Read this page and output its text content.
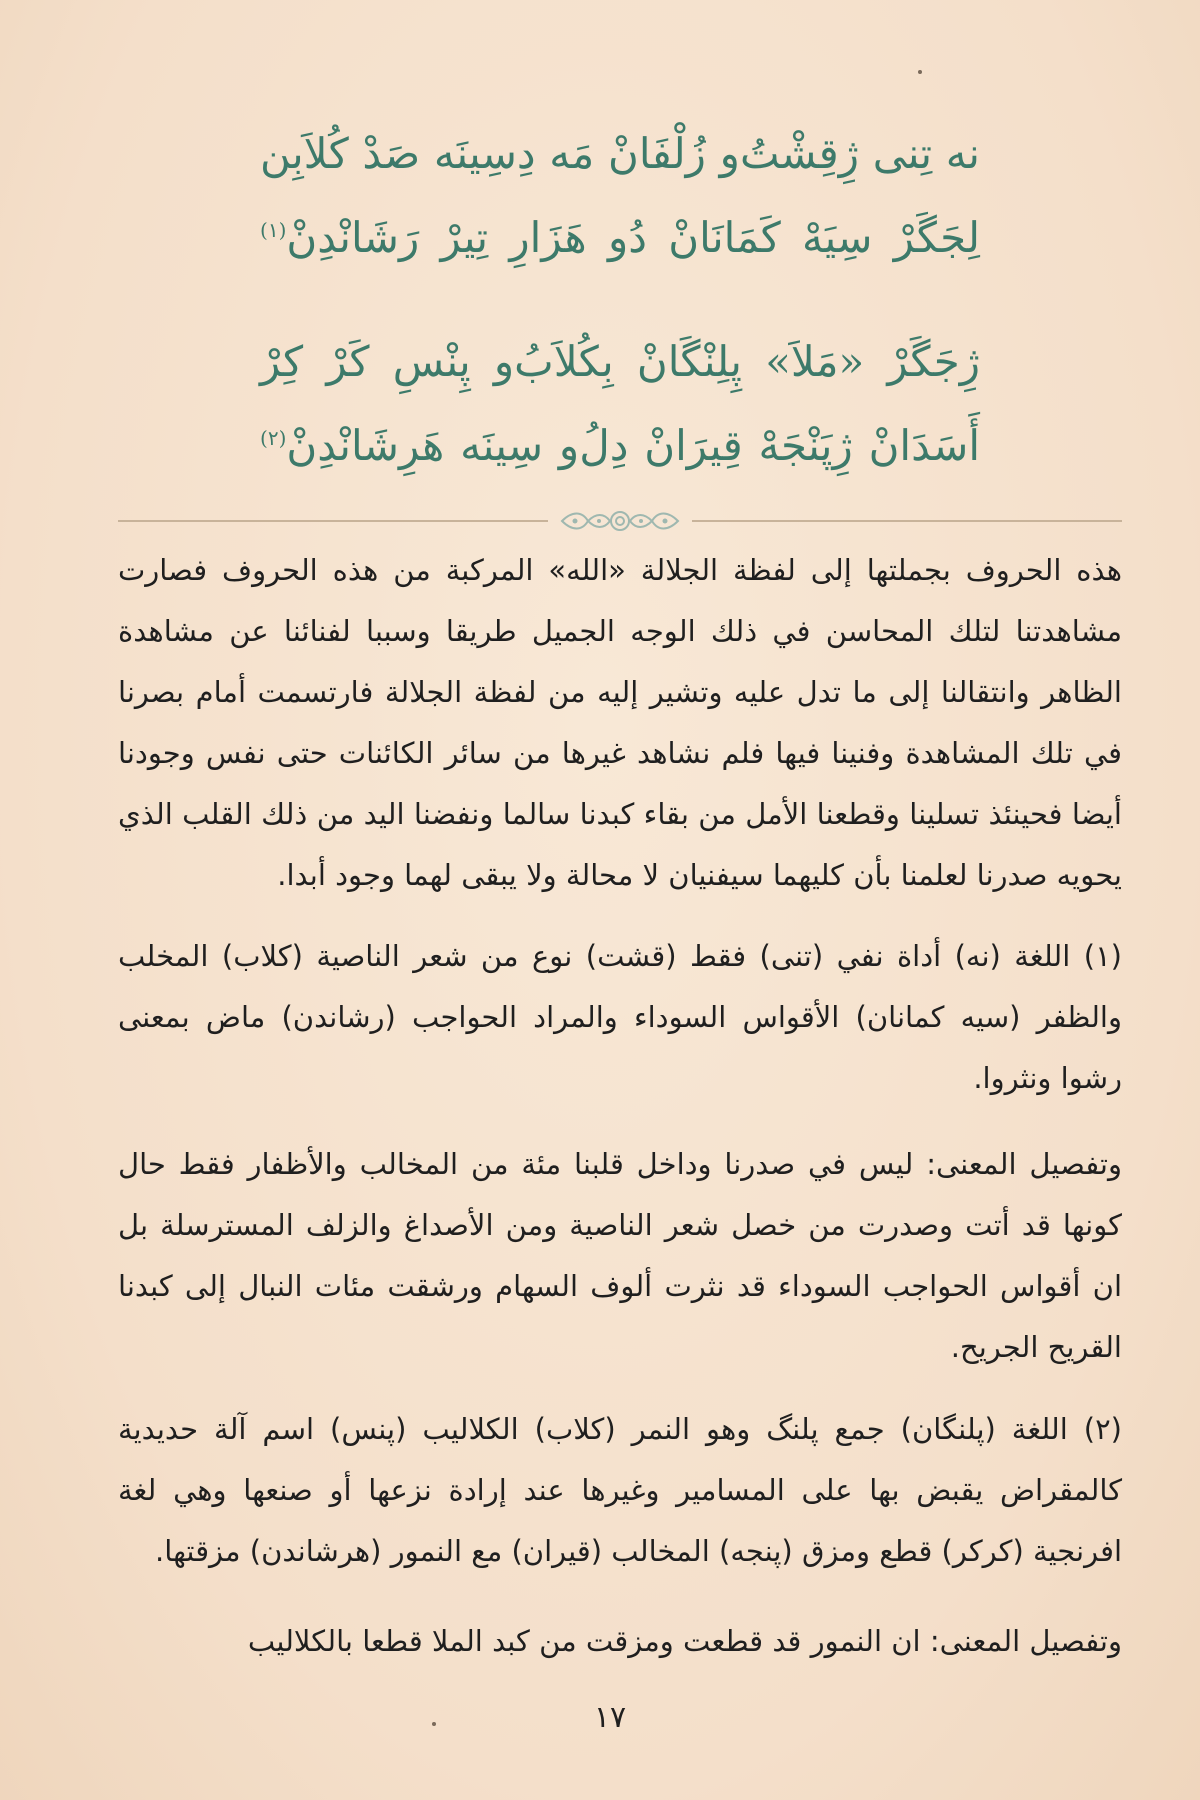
نه تِنى ژِقِشْتُ‌و زُلْفَانْ مَه دِسِينَه صَدْ كُلاَبِن
لِجَگَرْ سِيَهْ كَمَانَانْ دُو هَزَارِ تِيرْ رَشَانْدِنْ$^{(١)}$
ژِجَگَرْ «مَلاَ» پِلِنْگَانْ بِكُلاَبُ‌و پِنْسِ كَرْ كِرْ
أَسَدَانْ ژِپَنْجَهْ قِيرَانْ دِلُ‌و سِينَه هَرِشَانْدِنْ$^{(٢)}$

هذه الحروف بجملتها إلى لفظة الجلالة «الله» المركبة من هذه الحروف فصارت مشاهدتنا لتلك المحاسن في ذلك الوجه الجميل طريقا وسببا لفنائنا عن مشاهدة الظاهر وانتقالنا إلى ما تدل عليه وتشير إليه من لفظة الجلالة فارتسمت أمام بصرنا في تلك المشاهدة وفنينا فيها فلم نشاهد غيرها من سائر الكائنات حتى نفس وجودنا أيضا فحينئذ تسلينا وقطعنا الأمل من بقاء كبدنا سالما ونفضنا اليد من ذلك القلب الذي يحويه صدرنا لعلمنا بأن كليهما سيفنيان لا محالة ولا يبقى لهما وجود أبدا.

(١) اللغة (نه) أداة نفي (تنى) فقط (قشت) نوع من شعر الناصية (كلاب) المخلب والظفر (سيه كمانان) الأقواس السوداء والمراد الحواجب (رشاندن) ماض بمعنى رشوا ونثروا.

وتفصيل المعنى: ليس في صدرنا وداخل قلبنا مئة من المخالب والأظفار فقط حال كونها قد أتت وصدرت من خصل شعر الناصية ومن الأصداغ والزلف المسترسلة بل ان أقواس الحواجب السوداء قد نثرت ألوف السهام ورشقت مئات النبال إلى كبدنا القريح الجريح.

(٢) اللغة (پلنگان) جمع پلنگ وهو النمر (كلاب) الكلاليب (پنس) اسم آلة حديدية كالمقراض يقبض بها على المسامير وغيرها عند إرادة نزعها أو صنعها وهي لغة افرنجية (كركر) قطع ومزق (پنجه) المخالب (قيران) مع النمور (هرشاندن) مزقتها.

وتفصيل المعنى: ان النمور قد قطعت ومزقت من كبد الملا قطعا بالكلاليب

١٧
